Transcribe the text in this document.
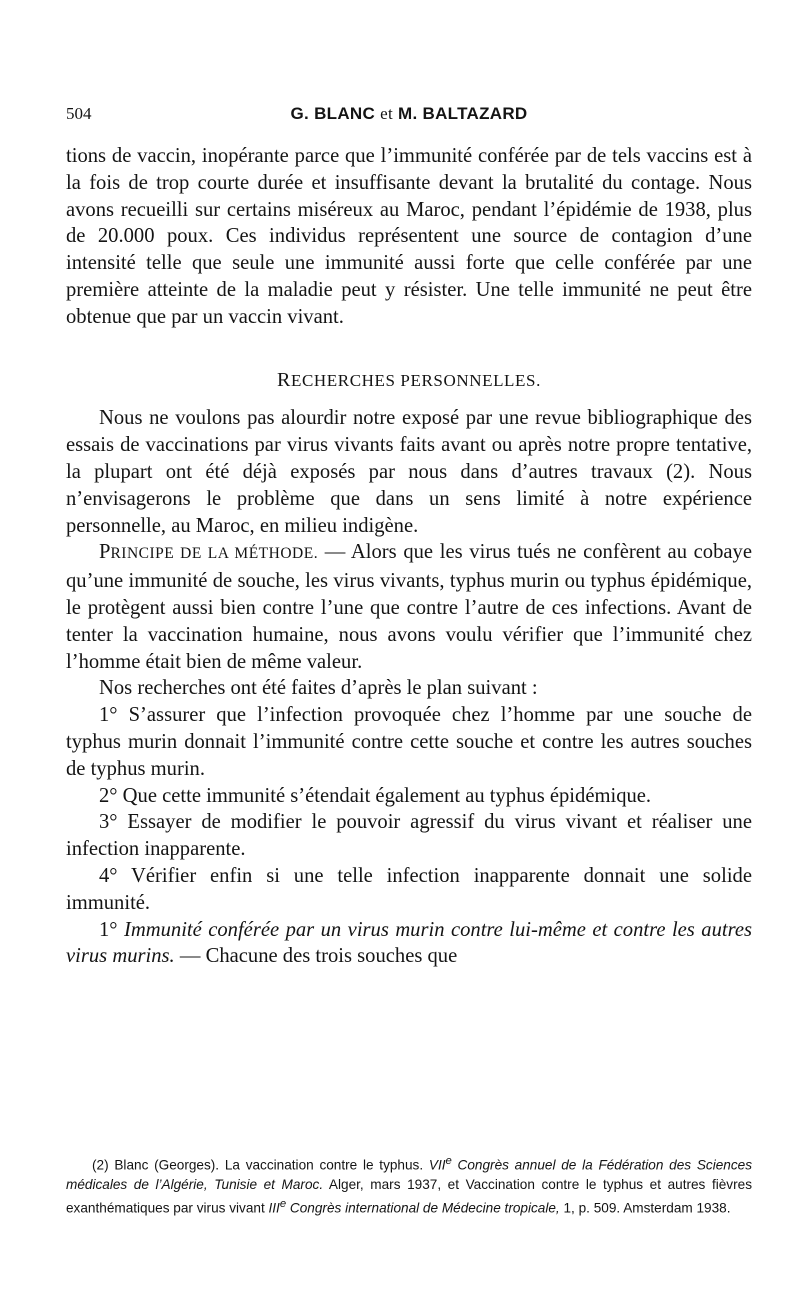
504	G. BLANC et M. BALTAZARD

tions de vaccin, inopérante parce que l’immunité conférée par de tels vaccins est à la fois de trop courte durée et insuffisante devant la brutalité du contage. Nous avons recueilli sur certains miséreux au Maroc, pendant l’épidémie de 1938, plus de 20.000 poux. Ces individus représentent une source de contagion d’une intensité telle que seule une immunité aussi forte que celle conférée par une première atteinte de la maladie peut y résister. Une telle immunité ne peut être obtenue que par un vaccin vivant.

RECHERCHES PERSONNELLES.

Nous ne voulons pas alourdir notre exposé par une revue bibliographique des essais de vaccinations par virus vivants faits avant ou après notre propre tentative, la plupart ont été déjà exposés par nous dans d’autres travaux (2). Nous n’envisagerons le problème que dans un sens limité à notre expérience personnelle, au Maroc, en milieu indigène.

PRINCIPE DE LA MÉTHODE. — Alors que les virus tués ne confèrent au cobaye qu’une immunité de souche, les virus vivants, typhus murin ou typhus épidémique, le protègent aussi bien contre l’une que contre l’autre de ces infections. Avant de tenter la vaccination humaine, nous avons voulu vérifier que l’immunité chez l’homme était bien de même valeur.

Nos recherches ont été faites d’après le plan suivant :

1° S’assurer que l’infection provoquée chez l’homme par une souche de typhus murin donnait l’immunité contre cette souche et contre les autres souches de typhus murin.

2° Que cette immunité s’étendait également au typhus épidémique.

3° Essayer de modifier le pouvoir agressif du virus vivant et réaliser une infection inapparente.

4° Vérifier enfin si une telle infection inapparente donnait une solide immunité.

1° Immunité conférée par un virus murin contre lui-même et contre les autres virus murins. — Chacune des trois souches que

(2) Blanc (Georges). La vaccination contre le typhus. VIIe Congrès annuel de la Fédération des Sciences médicales de l’Algérie, Tunisie et Maroc. Alger, mars 1937, et Vaccination contre le typhus et autres fièvres exanthématiques par virus vivant IIIe Congrès international de Médecine tropicale, 1, p. 509. Amsterdam 1938.
